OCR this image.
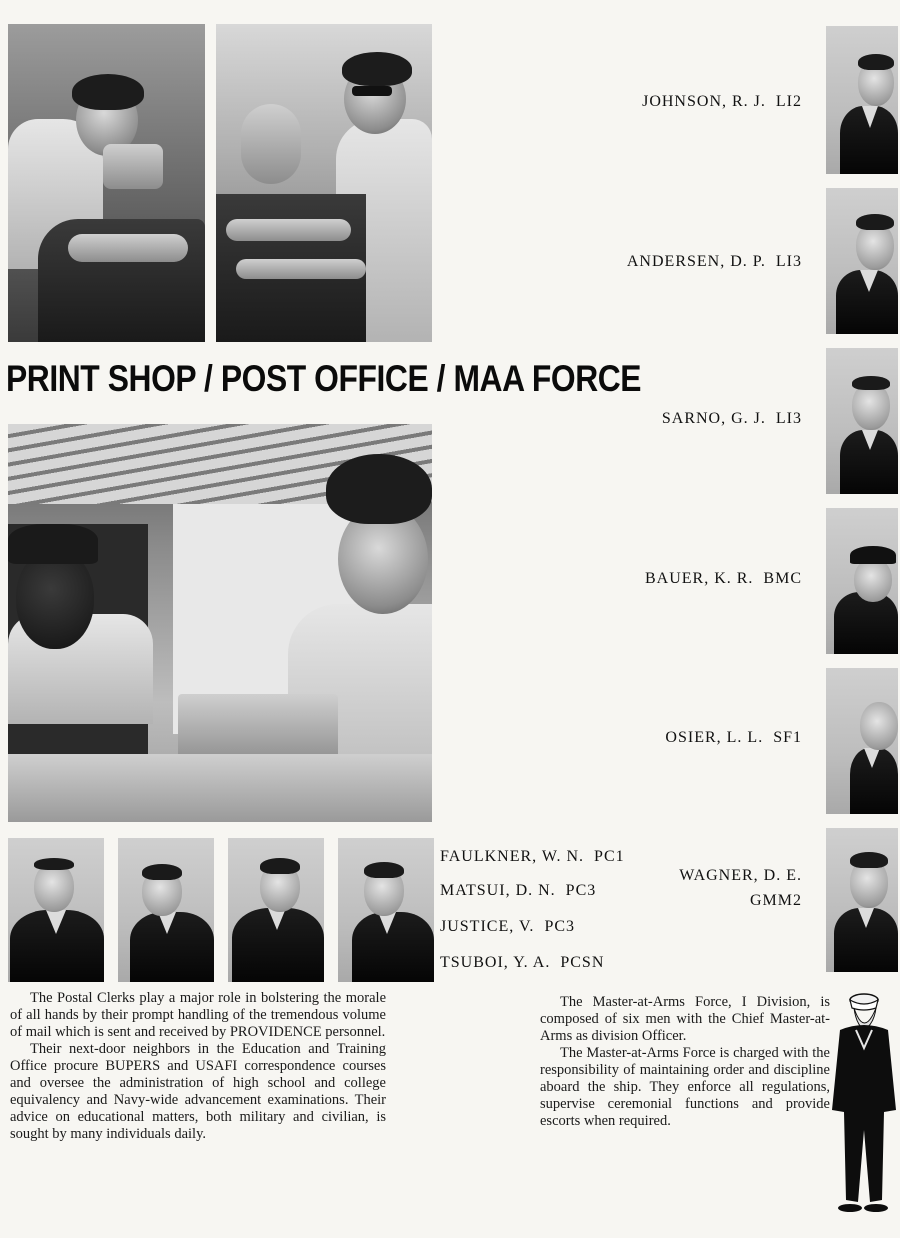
PRINT SHOP / POST OFFICE / MAA FORCE
JOHNSON, R. J. LI2
ANDERSEN, D. P. LI3
SARNO, G. J. LI3
BAUER, K. R. BMC
OSIER, L. L. SF1
FAULKNER, W. N. PC1
MATSUI, D. N. PC3
JUSTICE, V. PC3
TSUBOI, Y. A. PCSN
WAGNER, D. E.
GMM2

The Postal Clerks play a major role in bolstering the morale of all hands by their prompt handling of the tremendous volume of mail which is sent and received by PROVIDENCE personnel.

Their next-door neighbors in the Education and Training Office procure BUPERS and USAFI correspondence courses and oversee the administration of high school and college equivalency and Navy-wide advancement examinations. Their advice on educational matters, both military and civilian, is sought by many individuals daily.

The Master-at-Arms Force, I Division, is composed of six men with the Chief Master-at-Arms as division Officer.

The Master-at-Arms Force is charged with the responsibility of maintaining order and discipline aboard the ship. They enforce all regulations, supervise ceremonial functions and provide escorts when required.
